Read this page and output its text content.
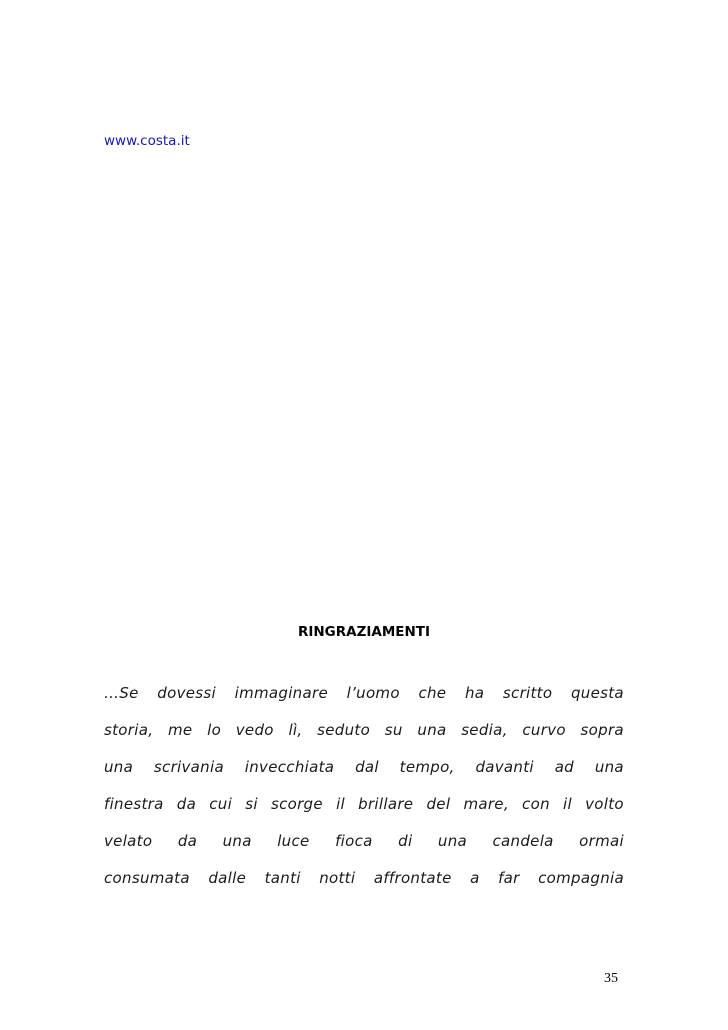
www.costa.it
RINGRAZIAMENTI
…Se dovessi immaginare l’uomo che ha scritto questa
storia, me lo vedo lì, seduto su una sedia, curvo sopra
una scrivania invecchiata dal tempo, davanti ad una
finestra da cui si scorge il brillare del mare, con il volto
velato da una luce fioca di una candela ormai
consumata dalle tanti notti affrontate a far compagnia
35
